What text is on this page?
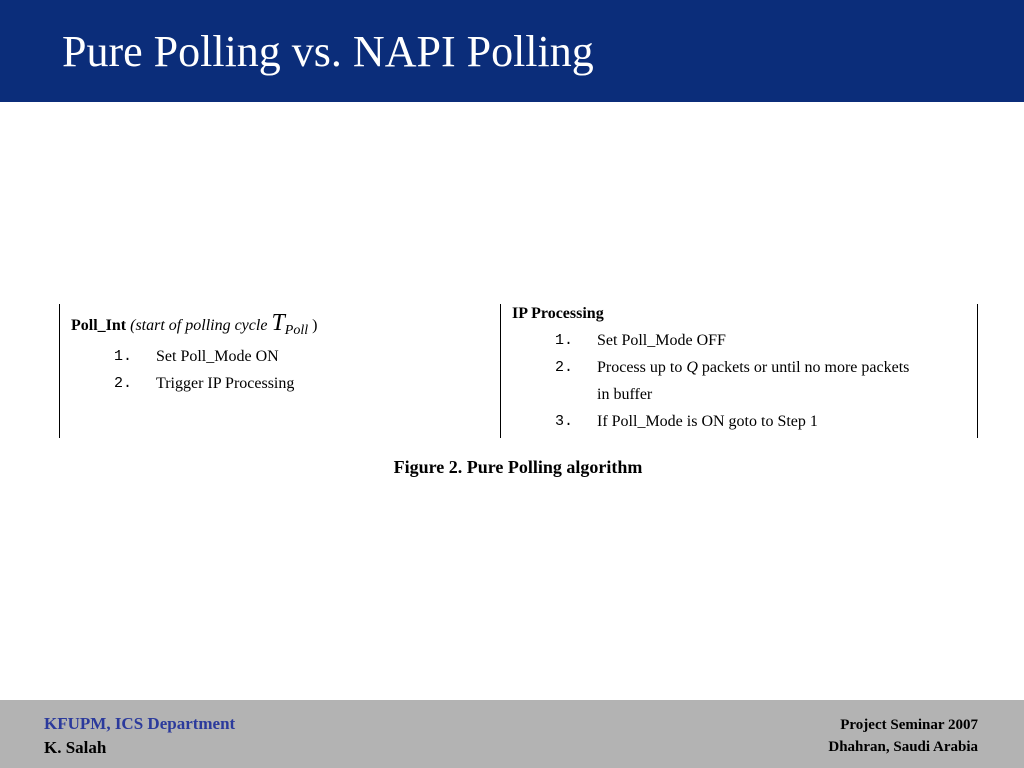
Pure Polling vs. NAPI Polling
Poll_Int (start of polling cycle $T_{Poll}$ )
1. Set Poll_Mode ON
2. Trigger IP Processing
IP Processing
1. Set Poll_Mode OFF
2. Process up to Q packets or until no more packets
in buffer
3. If Poll_Mode is ON goto to Step 1
Figure 2. Pure Polling algorithm
KFUPM, ICS Department
K. Salah
Project Seminar 2007
Dhahran, Saudi Arabia
